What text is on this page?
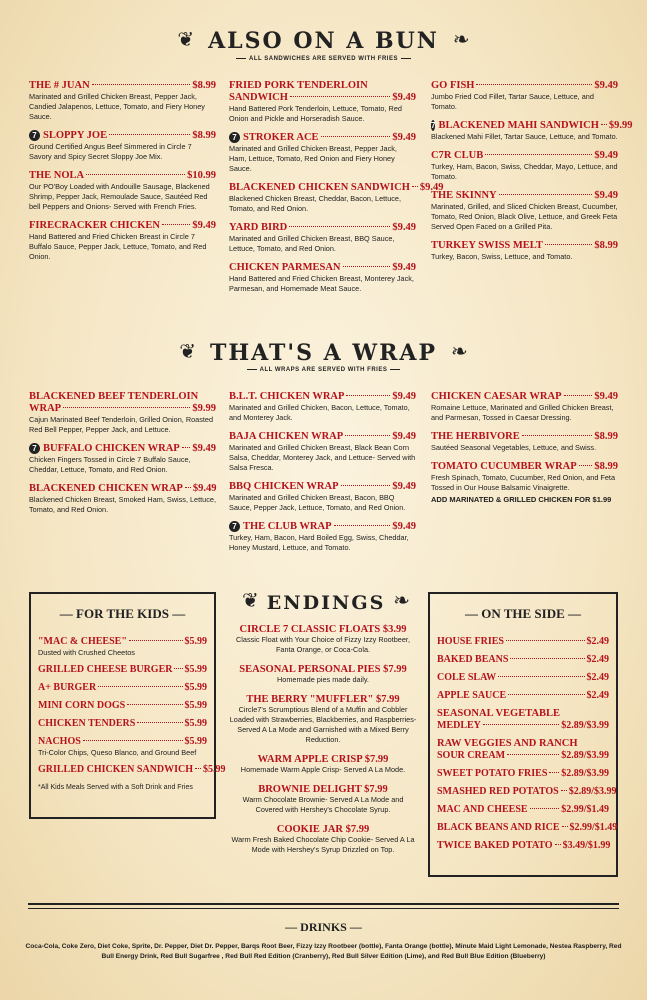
❦ ALSO ON A BUN ❧
ALL SANDWICHES ARE SERVED WITH FRIES
THE # JUAN	$8.99
Marinated and Grilled Chicken Breast, Pepper Jack, Candied Jalapenos, Lettuce, Tomato, and Fiery Honey Sauce.
7 SLOPPY JOE	$8.99
Ground Certified Angus Beef Simmered in Circle 7 Savory and Spicy Secret Sloppy Joe Mix.
THE NOLA	$10.99
Our PO'Boy Loaded with Andouille Sausage, Blackened Shrimp, Pepper Jack, Remoulade Sauce, Sautéed Red bell Peppers and Onions- Served with French Fries.
FIRECRACKER CHICKEN	$9.49
Hand Battered and Fried Chicken Breast in Circle 7 Buffalo Sauce, Pepper Jack, Lettuce, Tomato, and Red Onion.
FRIED PORK TENDERLOIN
SANDWICH	$9.49
Hand Battered Pork Tenderloin, Lettuce, Tomato, Red Onion and Pickle and Horseradish Sauce.
7 STROKER ACE	$9.49
Marinated and Grilled Chicken Breast, Pepper Jack, Ham, Lettuce, Tomato, Red Onion and Fiery Honey Sauce.
BLACKENED CHICKEN SANDWICH $9.49
Blackened Chicken Breast, Cheddar, Bacon, Lettuce, Tomato, and Red Onion.
YARD BIRD	$9.49
Marinated and Grilled Chicken Breast, BBQ Sauce, Lettuce, Tomato, and Red Onion.
CHICKEN PARMESAN	$9.49
Hand Battered and Fried Chicken Breast, Monterey Jack, Parmesan, and Homemade Meat Sauce.
GO FISH	$9.49
Jumbo Fried Cod Fillet, Tartar Sauce, Lettuce, and Tomato.
7 BLACKENED MAHI SANDWICH $9.99
Blackened Mahi Fillet, Tartar Sauce, Lettuce, and Tomato.
C7R CLUB	$9.49
Turkey, Ham, Bacon, Swiss, Cheddar, Mayo, Lettuce, and Tomato.
THE SKINNY	$9.49
Marinated, Grilled, and Sliced Chicken Breast, Cucumber, Tomato, Red Onion, Black Olive, Lettuce, and Greek Feta Served Open Faced on a Grilled Pita.
TURKEY SWISS MELT	$8.99
Turkey, Bacon, Swiss, Lettuce, and Tomato.
❦ THAT'S A WRAP ❧
ALL WRAPS ARE SERVED WITH FRIES
BLACKENED BEEF TENDERLOIN
WRAP	$9.99
Cajun Marinated Beef Tenderloin, Grilled Onion, Roasted Red Bell Pepper, Pepper Jack, and Lettuce.
7 BUFFALO CHICKEN WRAP $9.49
Chicken Fingers Tossed in Circle 7 Buffalo Sauce, Cheddar, Lettuce, Tomato, and Red Onion.
BLACKENED CHICKEN WRAP $9.49
Blackened Chicken Breast, Smoked Ham, Swiss, Lettuce, Tomato, and Red Onion.
B.L.T. CHICKEN WRAP	$9.49
Marinated and Grilled Chicken, Bacon, Lettuce, Tomato, and Monterey Jack.
BAJA CHICKEN WRAP	$9.49
Marinated and Grilled Chicken Breast, Black Bean Corn Salsa, Cheddar, Monterey Jack, and Lettuce- Served with Salsa Fresca.
BBQ CHICKEN WRAP	$9.49
Marinated and Grilled Chicken Breast, Bacon, BBQ Sauce, Pepper Jack, Lettuce, Tomato, and Red Onion.
7 THE CLUB WRAP	$9.49
Turkey, Ham, Bacon, Hard Boiled Egg, Swiss, Cheddar, Honey Mustard, Lettuce, and Tomato.
CHICKEN CAESAR WRAP	$9.49
Romaine Lettuce, Marinated and Grilled Chicken Breast, and Parmesan, Tossed in Caesar Dressing.
THE HERBIVORE	$8.99
Sautéed Seasonal Vegetables, Lettuce, and Swiss.
TOMATO CUCUMBER WRAP $8.99
Fresh Spinach, Tomato, Cucumber, Red Onion, and Feta Tossed in Our House Balsamic Vinaigrette.
ADD MARINATED & GRILLED CHICKEN FOR $1.99
— FOR THE KIDS —
"MAC & CHEESE"	$5.99
Dusted with Crushed Cheetos
GRILLED CHEESE BURGER $5.99
A+ BURGER	$5.99
MINI CORN DOGS	$5.99
CHICKEN TENDERS	$5.99
NACHOS	$5.99
Tri-Color Chips, Queso Blanco, and Ground Beef
GRILLED CHICKEN SANDWICH $5.99
*All Kids Meals Served with a Soft Drink and Fries
❦ ENDINGS ❧
CIRCLE 7 CLASSIC FLOATS $3.99
Classic Float with Your Choice of Fizzy Izzy Rootbeer, Fanta Orange, or Coca-Cola.
SEASONAL PERSONAL PIES $7.99
Homemade pies made daily.
THE BERRY "MUFFLER" $7.99
Circle7's Scrumptious Blend of a Muffin and Cobbler Loaded with Strawberries, Blackberries, and Raspberries- Served A La Mode and Garnished with a Mixed Berry Reduction.
WARM APPLE CRISP $7.99
Homemade Warm Apple Crisp- Served A La Mode.
BROWNIE DELIGHT $7.99
Warm Chocolate Brownie- Served A La Mode and Covered with Hershey's Chocolate Syrup.
COOKIE JAR $7.99
Warm Fresh Baked Chocolate Chip Cookie- Served A La Mode with Hershey's Syrup Drizzled on Top.
— ON THE SIDE —
HOUSE FRIES	$2.49
BAKED BEANS	$2.49
COLE SLAW	$2.49
APPLE SAUCE	$2.49
SEASONAL VEGETABLE
MEDLEY	$2.89/$3.99
RAW VEGGIES AND RANCH
SOUR CREAM	$2.89/$3.99
SWEET POTATO FRIES $2.89/$3.99
SMASHED RED POTATOS $2.89/$3.99
MAC AND CHEESE	$2.99/$1.49
BLACK BEANS AND RICE $2.99/$1.49
TWICE BAKED POTATO $3.49/$1.99
— DRINKS —
Coca-Cola, Coke Zero, Diet Coke, Sprite, Dr. Pepper, Diet Dr. Pepper, Barqs Root Beer, Fizzy Izzy Rootbeer (bottle), Fanta Orange (bottle), Minute Maid Light Lemonade, Nestea Raspberry, Red Bull Energy Drink, Red Bull Sugarfree , Red Bull Red Edition (Cranberry), Red Bull Silver Edition (Lime), and Red Bull Blue Edition (Blueberry)
